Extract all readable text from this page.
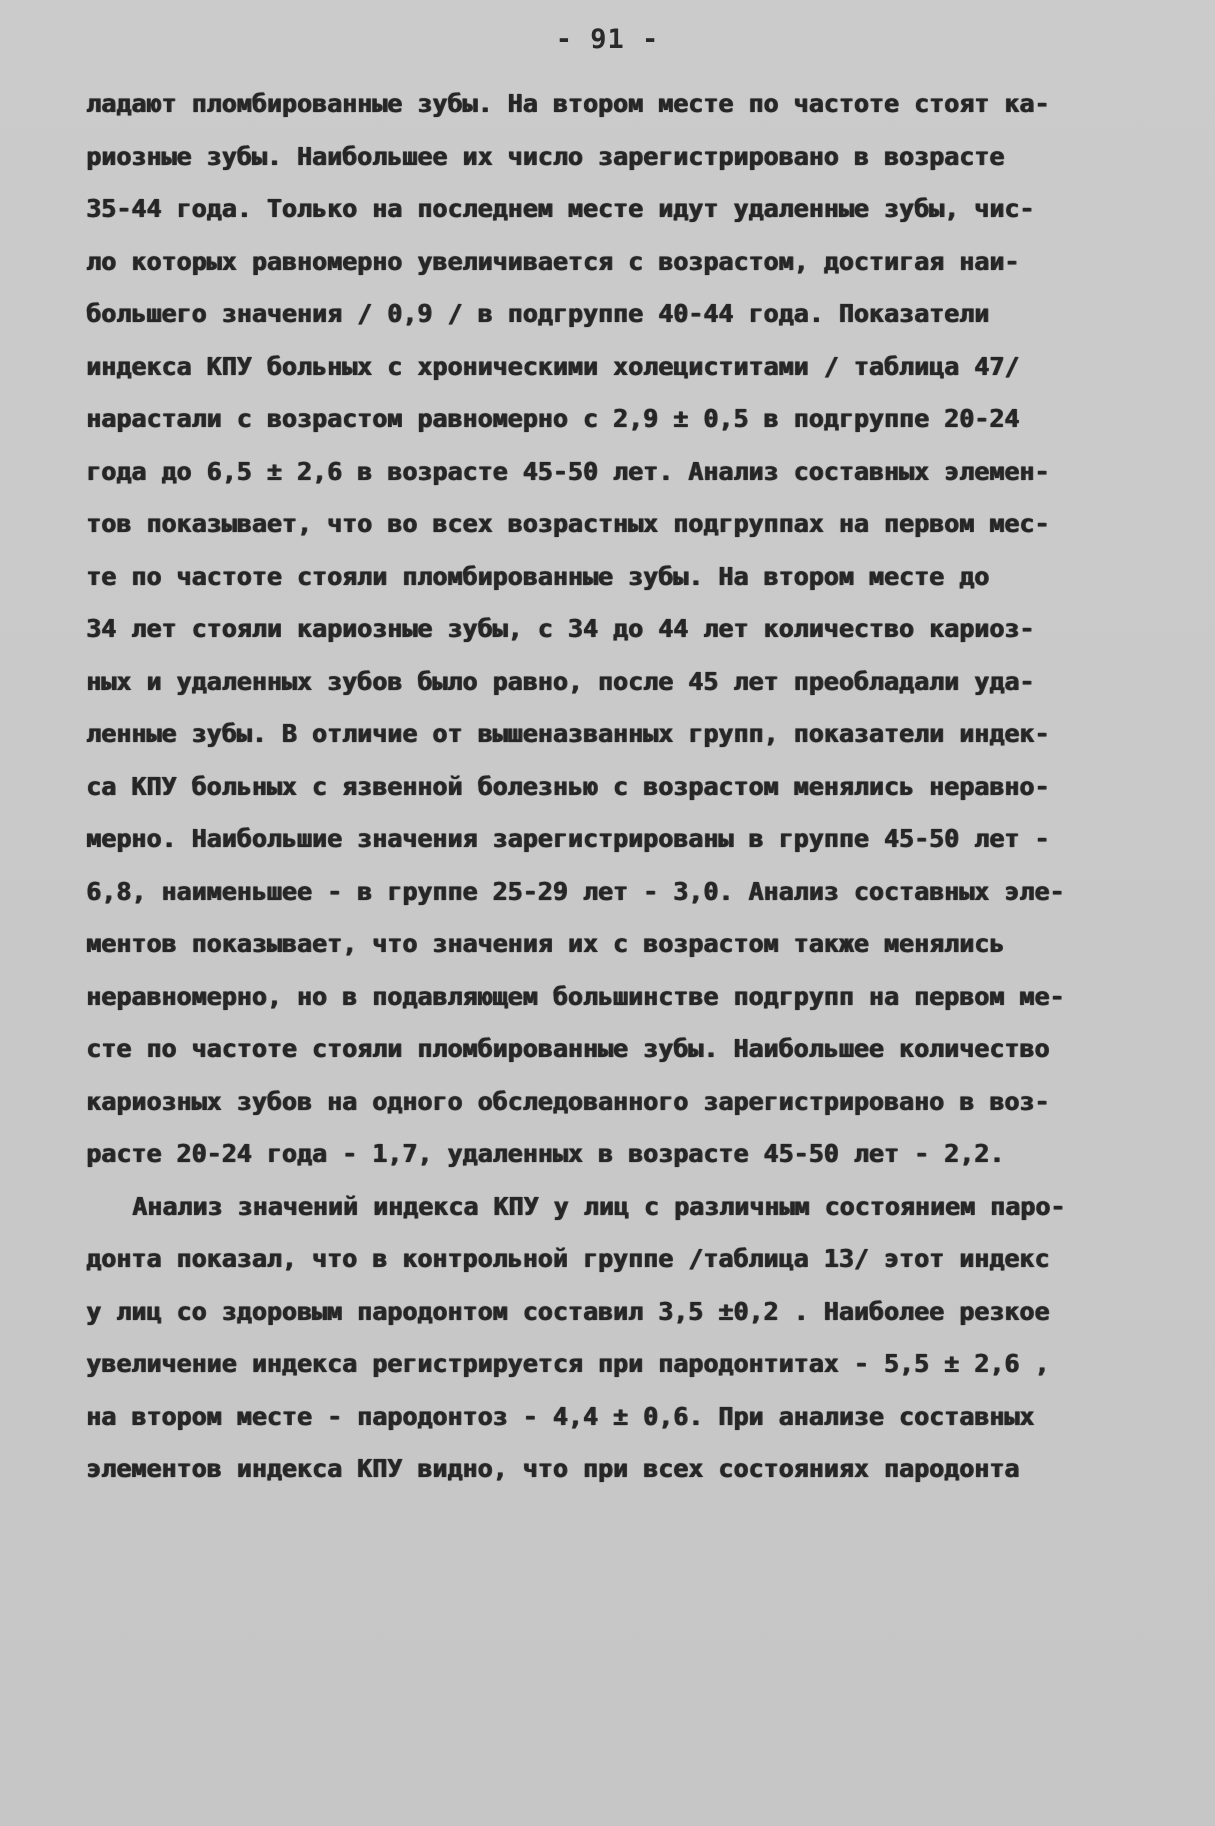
- 91 -
ладают пломбированные зубы. На втором месте по частоте стоят ка-
риозные зубы. Наибольшее их число зарегистрировано в возрасте
35-44 года. Только на последнем месте идут удаленные зубы, чис-
ло которых равномерно увеличивается с возрастом, достигая наи-
большего значения / 0,9 / в подгруппе 40-44 года. Показатели
индекса КПУ больных с хроническими холециститами / таблица 47/
нарастали с возрастом равномерно с 2,9 ± 0,5 в подгруппе 20-24
года до 6,5 ± 2,6 в возрасте 45-50 лет. Анализ составных элемен-
тов показывает, что во всех возрастных подгруппах на первом мес-
те по частоте стояли пломбированные зубы. На втором месте до
34 лет стояли кариозные зубы, с 34 до 44 лет количество кариоз-
ных и удаленных зубов было равно, после 45 лет преобладали уда-
ленные зубы. В отличие от вышеназванных групп, показатели индек-
са КПУ больных с язвенной болезнью с возрастом менялись неравно-
мерно. Наибольшие значения зарегистрированы в группе 45-50 лет -
6,8, наименьшее - в группе 25-29 лет - 3,0. Анализ составных эле-
ментов показывает, что значения их с возрастом также менялись
неравномерно, но в подавляющем большинстве подгрупп на первом ме-
сте по частоте стояли пломбированные зубы. Наибольшее количество
кариозных зубов на одного обследованного зарегистрировано в воз-
расте 20-24 года - 1,7, удаленных в возрасте 45-50 лет - 2,2.
Анализ значений индекса КПУ у лиц с различным состоянием паро-
донта показал, что в контрольной группе /таблица 13/ этот индекс
у лиц со здоровым пародонтом составил 3,5 ±0,2 . Наиболее резкое
увеличение индекса регистрируется при пародонтитах - 5,5 ± 2,6 ,
на втором месте - пародонтоз - 4,4 ± 0,6. При анализе составных
элементов индекса КПУ видно, что при всех состояниях пародонта
